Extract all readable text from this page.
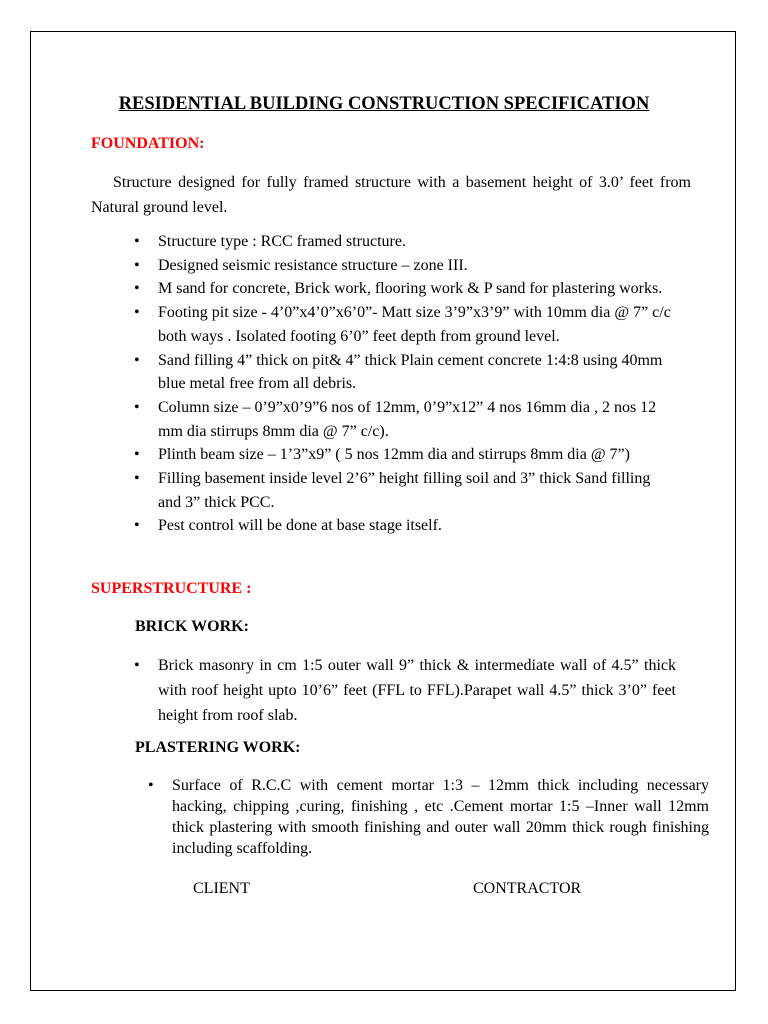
RESIDENTIAL BUILDING CONSTRUCTION SPECIFICATION
FOUNDATION:
Structure designed for fully framed structure with a basement height of 3.0’ feet from Natural ground level.
• Structure type : RCC framed structure.
• Designed seismic resistance structure – zone III.
• M sand for concrete, Brick work, flooring work & P sand for plastering works.
• Footing pit size - 4’0”x4’0”x6’0”- Matt size 3’9”x3’9” with 10mm dia @ 7” c/c both ways . Isolated footing 6’0” feet depth from ground level.
• Sand filling 4” thick on pit& 4” thick Plain cement concrete 1:4:8 using 40mm blue metal free from all debris.
• Column size – 0’9”x0’9”6 nos of 12mm, 0’9”x12” 4 nos 16mm dia , 2 nos 12 mm dia stirrups 8mm dia @ 7” c/c).
• Plinth beam size – 1’3”x9” ( 5 nos 12mm dia and stirrups 8mm dia @ 7”)
• Filling basement inside level 2’6” height filling soil and 3” thick Sand filling and 3” thick PCC.
• Pest control will be done at base stage itself.
SUPERSTRUCTURE :
BRICK WORK:
• Brick masonry in cm 1:5 outer wall 9” thick & intermediate wall of 4.5” thick with roof height upto 10’6” feet (FFL to FFL).Parapet wall 4.5” thick 3’0” feet height from roof slab.
PLASTERING WORK:
• Surface of R.C.C with cement mortar 1:3 – 12mm thick including necessary hacking, chipping ,curing, finishing , etc .Cement mortar 1:5 –Inner wall 12mm thick plastering with smooth finishing and outer wall 20mm thick rough finishing including scaffolding.
CLIENT	CONTRACTOR
